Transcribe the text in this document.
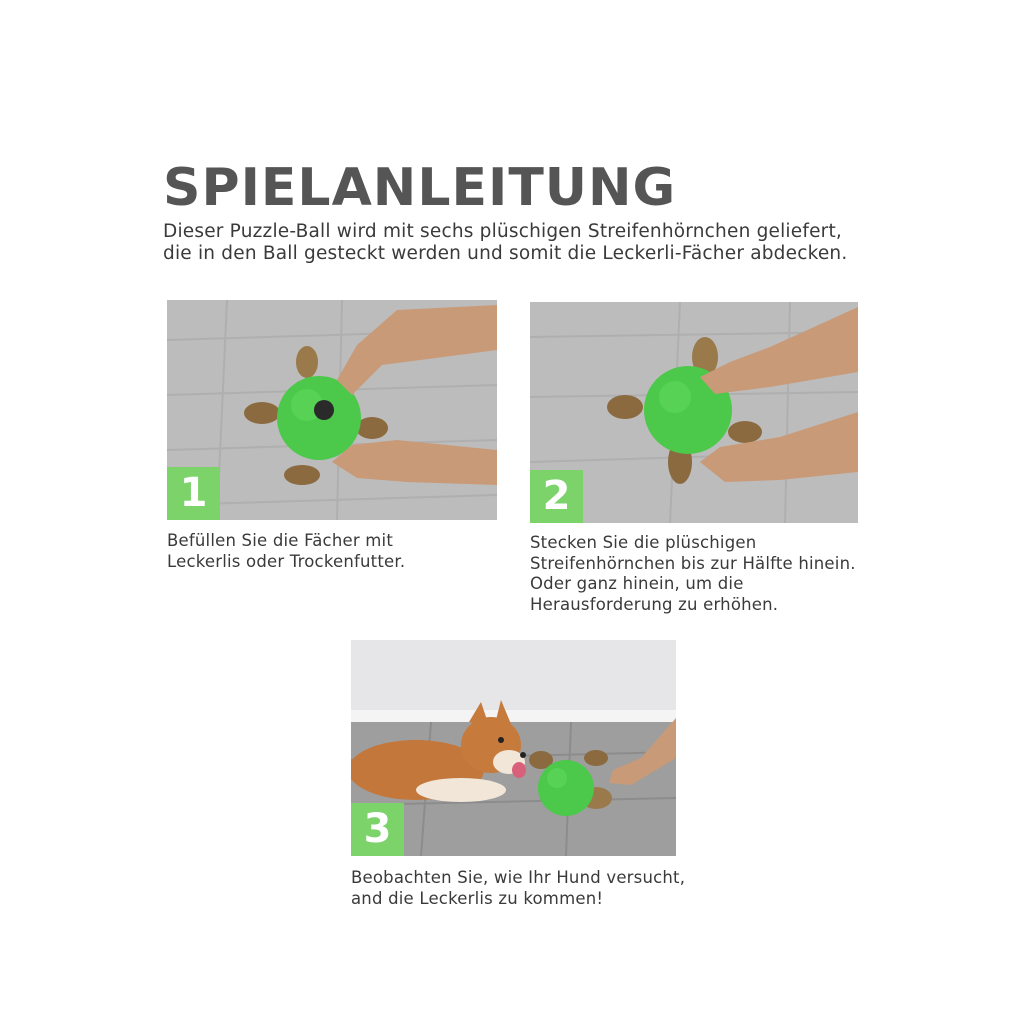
SPIELANLEITUNG

Dieser Puzzle-Ball wird mit sechs plüschigen Streifenhörnchen geliefert, die in den Ball gesteckt werden und somit die Leckerli-Fächer abdecken.

1

Befüllen Sie die Fächer mit Leckerlis oder Trockenfutter.

2

Stecken Sie die plüschigen Streifenhörnchen bis zur Hälfte hinein. Oder ganz hinein, um die Herausforderung zu erhöhen.

3

Beobachten Sie, wie Ihr Hund versucht, and die Leckerlis zu kommen!
